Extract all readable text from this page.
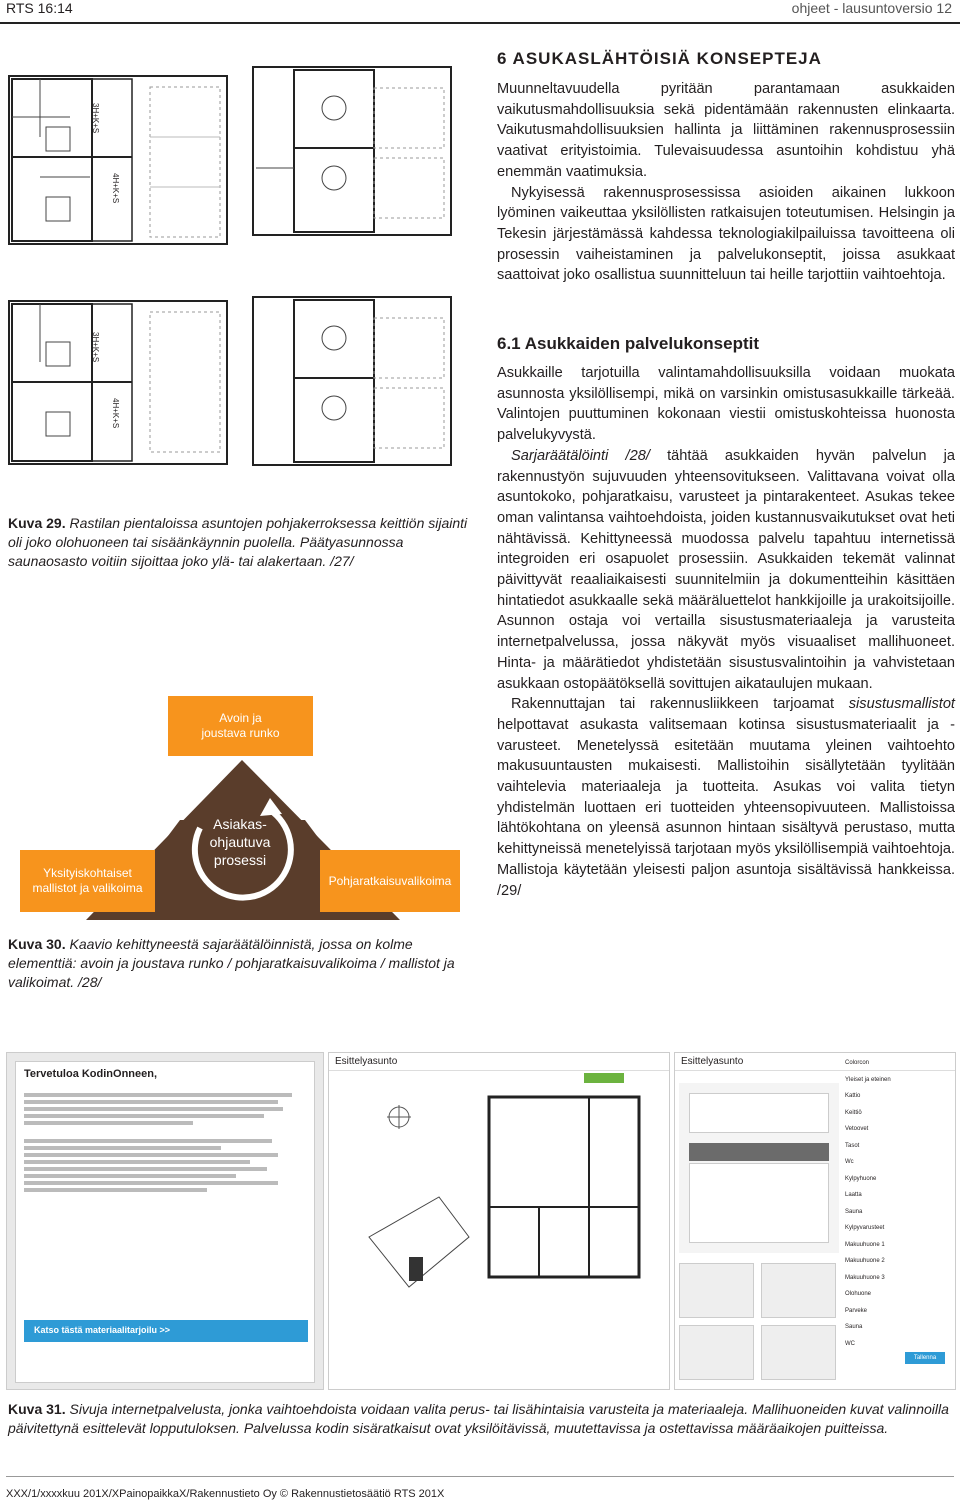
RTS 16:14	ohjeet - lausuntoversio 12
3H+K+S
4H+K+S
3H+K+S
4H+K+S
Kuva 29. Rastilan pientaloissa asuntojen pohjakerroksessa keittiön sijainti oli joko olohuoneen tai sisäänkäynnin puolella. Päätyasunnossa saunaosasto voitiin sijoittaa joko ylä- tai alakertaan. /27/
Avoin ja joustava runko
Yksityiskohtaiset mallistot ja valikoima
Pohjaratkaisuvalikoima
Asiakas-ohjautuva prosessi
Kuva 30. Kaavio kehittyneestä sajaräätälöinnistä, jossa on kolme elementtiä: avoin ja joustava runko / pohjaratkaisuvalikoima / mallistot ja valikoimat. /28/
6 ASUKASLÄHTÖISIÄ KONSEPTEJA

Muunneltavuudella pyritään parantamaan asukkaiden vaikutusmahdollisuuksia sekä pidentämään rakennusten elinkaarta. Vaikutusmahdollisuuksien hallinta ja liittäminen rakennusprosessiin vaativat erityistoimia. Tulevaisuudessa asuntoihin kohdistuu yhä enemmän vaatimuksia.

Nykyisessä rakennusprosessissa asioiden aikainen lukkoon lyöminen vaikeuttaa yksilöllisten ratkaisujen toteutumisen. Helsingin ja Tekesin järjestämässä kahdessa teknologiakilpailuissa tavoitteena oli prosessin vaiheistaminen ja palvelukonseptit, joissa asukkaat saattoivat joko osallistua suunnitteluun tai heille tarjottiin vaihtoehtoja.

6.1 Asukkaiden palvelukonseptit

Asukkaille tarjotuilla valintamahdollisuuksilla voidaan muokata asunnosta yksilöllisempi, mikä on varsinkin omistusasukkaille tärkeää. Valintojen puuttuminen kokonaan viestii omistuskohteissa huonosta palvelukyvystä.

Sarjaräätälöinti /28/ tähtää asukkaiden hyvän palvelun ja rakennustyön sujuvuuden yhteensovitukseen. Valittavana voivat olla asuntokoko, pohjaratkaisu, varusteet ja pintarakenteet. Asukas tekee oman valintansa vaihtoehdoista, joiden kustannusvaikutukset ovat heti nähtävissä. Kehittyneessä muodossa palvelu tapahtuu internetissä integroiden eri osapuolet prosessiin. Asukkaiden tekemät valinnat päivittyvät reaaliaikaisesti suunnitelmiin ja dokumentteihin käsittäen hintatiedot asukkaalle sekä määräluettelot hankkijoille ja urakoitsijoille. Asunnon ostaja voi vertailla sisustusmateriaaleja ja varusteita internetpalvelussa, jossa näkyvät myös visuaaliset mallihuoneet. Hinta- ja määrätiedot yhdistetään sisustusvalintoihin ja vahvistetaan asukkaan ostopäätöksellä sovittujen aikataulujen mukaan.

Rakennuttajan tai rakennusliikkeen tarjoamat sisustusmallistot helpottavat asukasta valitsemaan kotinsa sisustusmateriaalit ja -varusteet. Menetelyssä esitetään muutama yleinen vaihtoehto makusuuntausten mukaisesti. Mallistoihin sisällytetään tyylitään vaihtelevia materiaaleja ja tuotteita. Asukas voi valita tietyn yhdistelmän luottaen eri tuotteiden yhteensopivuuteen. Mallistoissa lähtökohtana on yleensä asunnon hintaan sisältyvä perustaso, mutta kehittyneissä menetelyissä tarjotaan myös yksilöllisempiä vaihtoehtoja. Mallistoja käytetään yleisesti paljon asuntoja sisältävissä hankkeissa. /29/

Tervetuloa KodinOnneen,
Katso tästä materiaalitarjoilu >>
Esittelyasunto	Esittelyasunto	Colorcon
Yleiset ja eteinen
Kattio
Keittiö
Vetoovet
Tasot
Wc
Kylpyhuone
Laatta
Sauna
Kylpyvarusteet
Makuuhuone 1
Makuuhuone 2
Makuuhuone 3
Olohuone
Parveke
Sauna
WC
Tallenna
Kuva 31. Sivuja internetpalvelusta, jonka vaihtoehdoista voidaan valita perus- tai lisähintaisia varusteita ja materiaaleja. Mallihuoneiden kuvat valinnoilla päivitettynä esittelevät lopputuloksen. Palvelussa kodin sisäratkaisut ovat yksilöitävissä, muutettavissa ja ostettavissa määräaikojen puitteissa.
XXX/1/xxxxkuu 201X/XPainopaikkaX/Rakennustieto Oy © Rakennustietosäätiö RTS 201X
